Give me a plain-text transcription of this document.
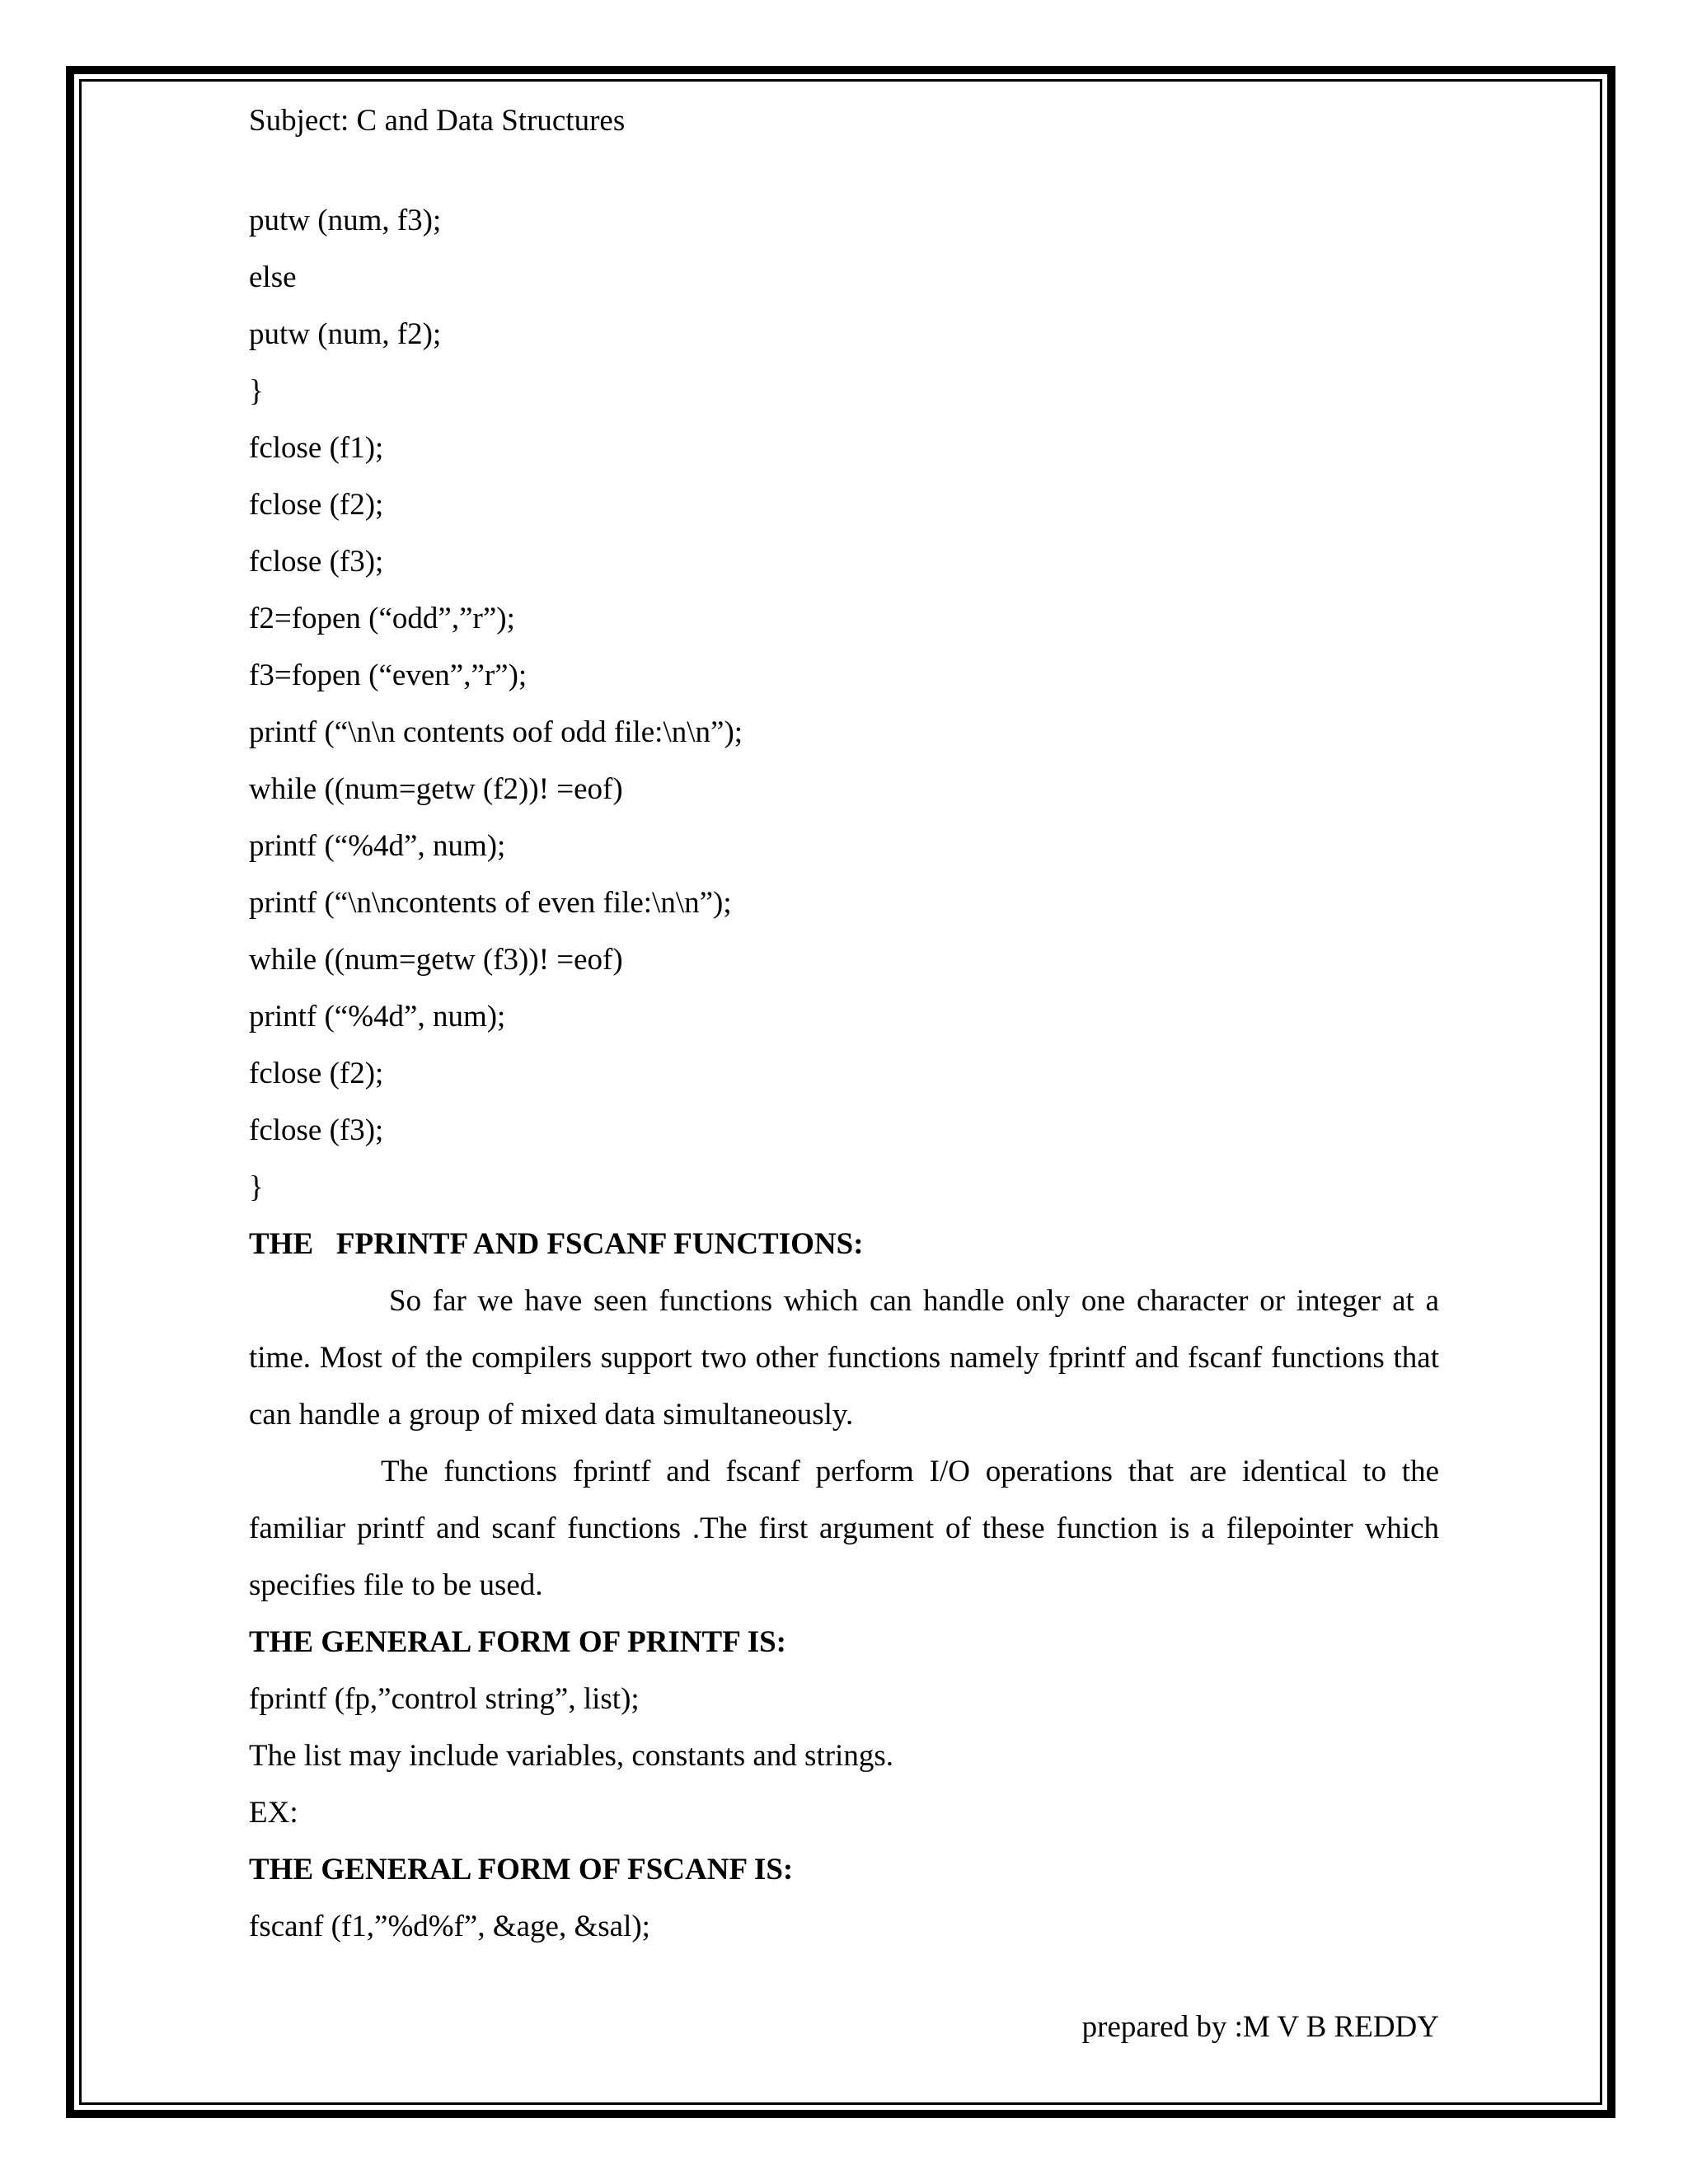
Subject: C and Data Structures
putw (num, f3);
else
putw (num, f2);
}
fclose (f1);
fclose (f2);
fclose (f3);
f2=fopen (“odd”,”r”);
f3=fopen (“even”,”r”);
printf (“\n\n contents oof odd file:\n\n”);
while ((num=getw (f2))! =eof)
printf (“%4d”, num);
printf (“\n\ncontents of even file:\n\n”);
while ((num=getw (f3))! =eof)
printf (“%4d”, num);
fclose (f2);
fclose (f3);
}
THE   FPRINTF AND FSCANF FUNCTIONS:
So far we have seen functions which can handle only one character or integer at a time. Most of the compilers support two other functions namely fprintf and fscanf functions that can handle a group of mixed data simultaneously.
The functions fprintf and fscanf perform I/O operations that are identical to the familiar printf and scanf functions .The first argument of these function is a filepointer which specifies file to be used.
THE GENERAL FORM OF PRINTF IS:
fprintf (fp,”control string”, list);
The list may include variables, constants and strings.
EX:
THE GENERAL FORM OF FSCANF IS:
fscanf (f1,”%d%f”, &age, &sal);
prepared by :M V B REDDY
